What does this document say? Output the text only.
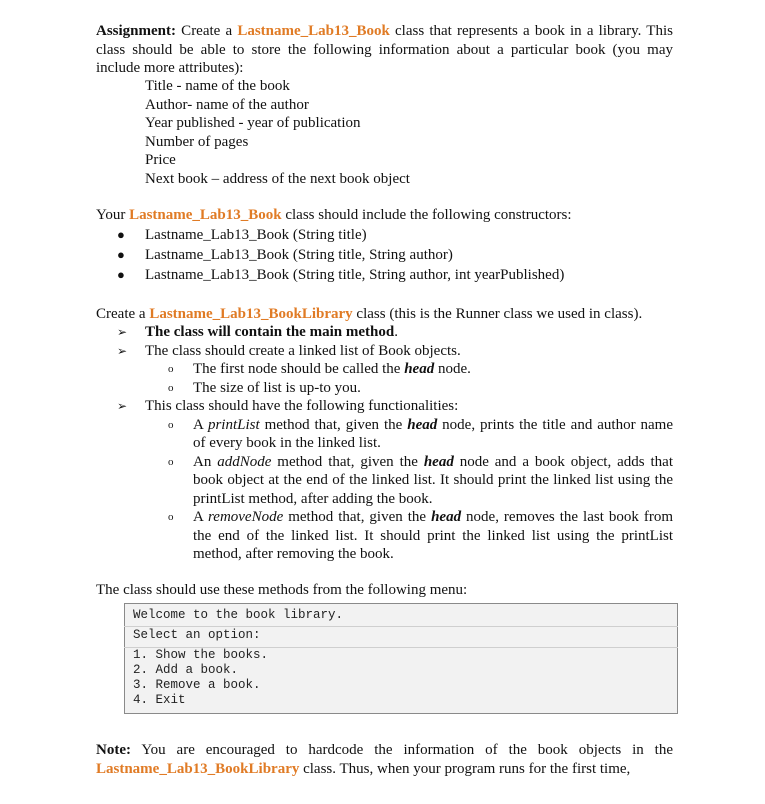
Assignment: Create a Lastname_Lab13_Book class that represents a book in a library. This class should be able to store the following information about a particular book (you may include more attributes):
Title - name of the book
Author- name of the author
Year published - year of publication
Number of pages
Price
Next book – address of the next book object
Your Lastname_Lab13_Book class should include the following constructors:
●	Lastname_Lab13_Book (String title)
●	Lastname_Lab13_Book (String title, String author)
●	Lastname_Lab13_Book (String title, String author, int yearPublished)
Create a Lastname_Lab13_BookLibrary class (this is the Runner class we used in class).
➢	The class will contain the main method.
➢	The class should create a linked list of Book objects.
o	The first node should be called the head node.
o	The size of list is up-to you.
➢	This class should have the following functionalities:
o	A printList method that, given the head node, prints the title and author name of every book in the linked list.
o	An addNode method that, given the head node and a book object, adds that book object at the end of the linked list. It should print the linked list using the printList method, after adding the book.
o	A removeNode method that, given the head node, removes the last book from the end of the linked list. It should print the linked list using the printList method, after removing the book.
The class should use these methods from the following menu:
Welcome to the book library.
Select an option:
1. Show the books.
2. Add a book.
3. Remove a book.
4. Exit
Note: You are encouraged to hardcode the information of the book objects in the Lastname_Lab13_BookLibrary class. Thus, when your program runs for the first time,
